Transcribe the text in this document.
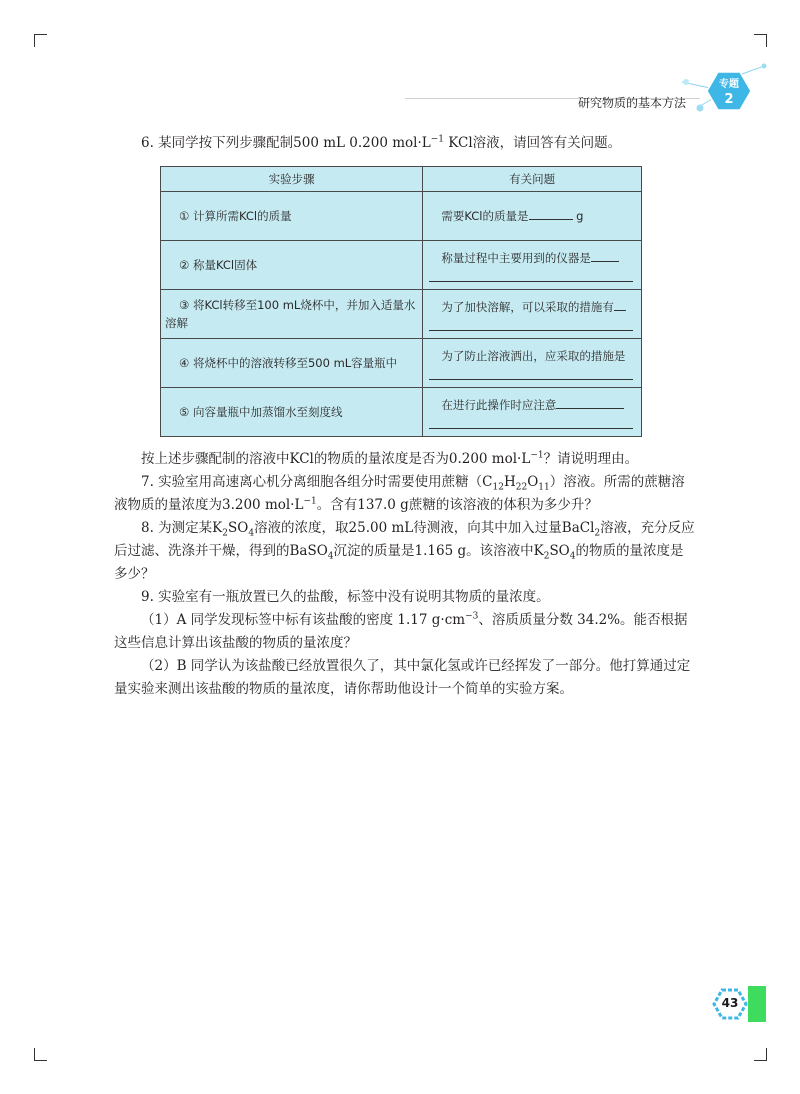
专题
2
研究物质的基本方法

6. 某同学按下列步骤配制500 mL 0.200 $mol\cdot L^{-1}$ KCl溶液，请回答有关问题。

实验步骤	有关问题

① 计算所需KCl的质量	需要KCl的质量是 g

② 称量KCl固体	称量过程中主要用到的仪器是

③ 将KCl转移至100 mL烧杯中，并加入适量水溶解	为了加快溶解，可以采取的措施有

④ 将烧杯中的溶液转移至500 mL容量瓶中	为了防止溶液洒出，应采取的措施是

⑤ 向容量瓶中加蒸馏水至刻度线	在进行此操作时应注意

按上述步骤配制的溶液中KCl的物质的量浓度是否为0.200 $mol\cdot L^{-1}$？请说明理由。

7. 实验室用高速离心机分离细胞各组分时需要使用蔗糖$(C_{12}H_{22}O_{11})$溶液。所需的蔗糖溶液物质的量浓度为3.200 $mol\cdot L^{-1}$。含有137.0 g蔗糖的该溶液的体积为多少升？

8. 为测定某$K_2SO_4$溶液的浓度，取25.00 mL待测液，向其中加入过量BaCl$_2$溶液，充分反应后过滤、洗涤并干燥，得到的BaSO$_4$沉淀的质量是1.165 g。该溶液中$K_2SO_4$的物质的量浓度是多少？

9. 实验室有一瓶放置已久的盐酸，标签中没有说明其物质的量浓度。

（1）A 同学发现标签中标有该盐酸的密度 1.17 $g\cdot cm^{-3}$、溶质质量分数 34.2%。能否根据这些信息计算出该盐酸的物质的量浓度？

（2）B 同学认为该盐酸已经放置很久了，其中氯化氢或许已经挥发了一部分。他打算通过定量实验来测出该盐酸的物质的量浓度，请你帮助他设计一个简单的实验方案。

43
